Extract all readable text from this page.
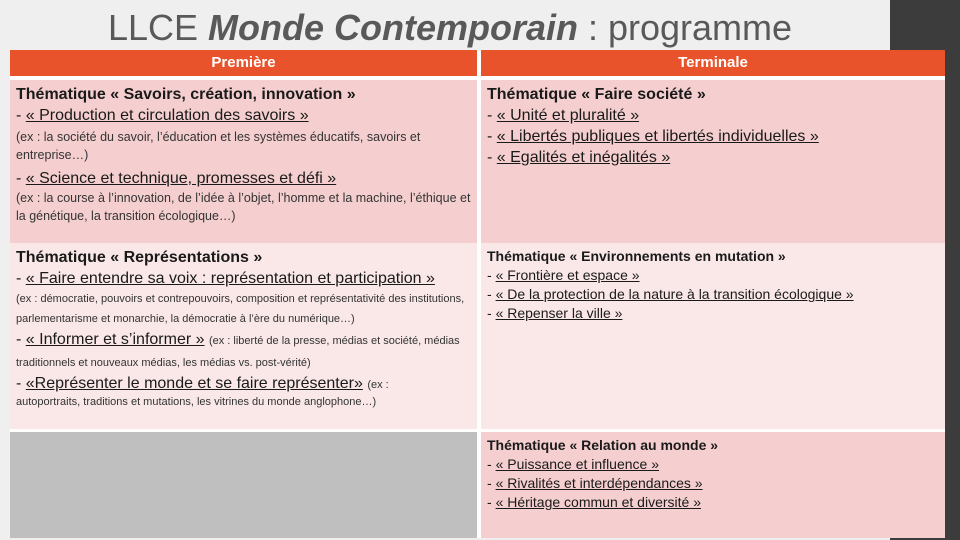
LLCE Monde Contemporain : programme
Première	Terminale

Thématique « Savoirs, création, innovation »

- « Production et circulation des savoirs »

(ex : la société du savoir, l’éducation et les systèmes éducatifs, savoirs et entreprise…)

- « Science et technique, promesses et défi »

(ex : la course à l’innovation, de l’idée à l’objet, l’homme et la machine, l’éthique et la génétique, la transition écologique…)

Thématique « Faire société »

- « Unité et pluralité »

- « Libertés publiques et libertés individuelles »

- « Egalités et inégalités »

Thématique « Représentations »

- « Faire entendre sa voix : représentation et participation »

(ex : démocratie, pouvoirs et contrepouvoirs, composition et représentativité des institutions, parlementarisme et monarchie, la démocratie à l’ère du numérique…)

- « Informer et s’informer » (ex : liberté de la presse, médias et société, médias traditionnels et nouveaux médias, les médias vs. post-vérité)

- «Représenter le monde et se faire représenter» (ex :

autoportraits, traditions et mutations, les vitrines du monde anglophone…)

Thématique « Environnements en mutation »

- « Frontière et espace »

- « De la protection de la nature à la transition écologique »

- « Repenser la ville »

Thématique « Relation au monde »

- « Puissance et influence »

- « Rivalités et interdépendances »

- « Héritage commun et diversité »
